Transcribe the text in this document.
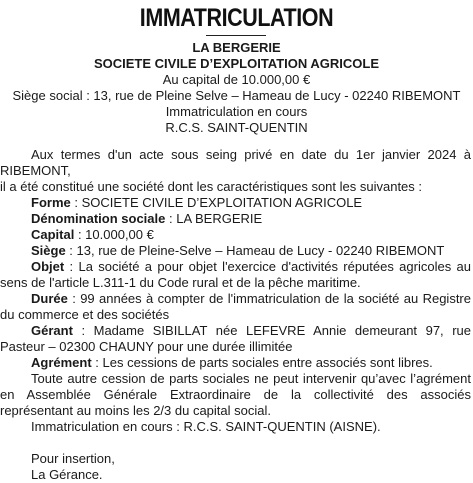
IMMATRICULATION
LA BERGERIE
SOCIETE CIVILE D’EXPLOITATION AGRICOLE
Au capital de 10.000,00 €
Siège social : 13, rue de Pleine Selve – Hameau de Lucy - 02240 RIBEMONT
Immatriculation en cours
R.C.S. SAINT-QUENTIN

Aux termes d'un acte sous seing privé en date du 1er janvier 2024 à RIBEMONT,

il a été constitué une société dont les caractéristiques sont les suivantes :

Forme : SOCIETE CIVILE D’EXPLOITATION AGRICOLE

Dénomination sociale : LA BERGERIE

Capital : 10.000,00 €

Siège : 13, rue de Pleine-Selve – Hameau de Lucy - 02240 RIBEMONT

Objet : La société a pour objet l'exercice d'activités réputées agricoles au sens de l'article L.311-1 du Code rural et de la pêche maritime.

Durée : 99 années à compter de l'immatriculation de la société au Registre du commerce et des sociétés

Gérant : Madame SIBILLAT née LEFEVRE Annie demeurant 97, rue Pasteur – 02300 CHAUNY pour une durée illimitée

Agrément : Les cessions de parts sociales entre associés sont libres.

Toute autre cession de parts sociales ne peut intervenir qu’avec l’agrément en Assemblée Générale Extraordinaire de la collectivité des associés représentant au moins les 2/3 du capital social.

Immatriculation en cours : R.C.S. SAINT-QUENTIN (AISNE).

Pour insertion,

La Gérance.
